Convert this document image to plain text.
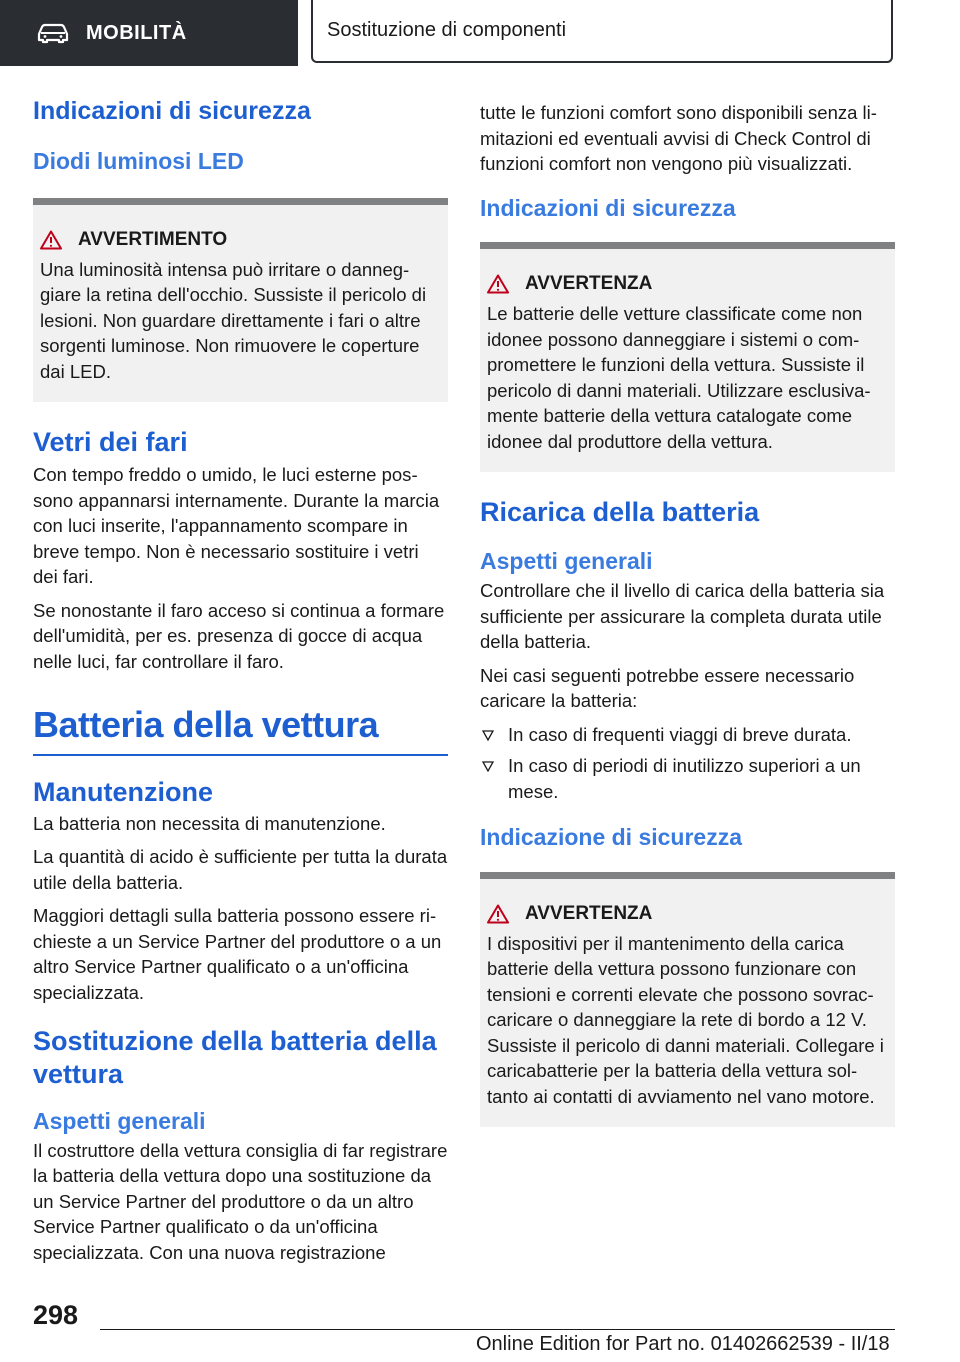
MOBILITÀ	Sostituzione di componenti
Indicazioni di sicurezza
Diodi luminosi LED
AVVERTIMENTO
Una luminosità intensa può irritare o danneggiare la retina dell'occhio. Sussiste il pericolo di lesioni. Non guardare direttamente i fari o altre sorgenti luminose. Non rimuovere le coperture dai LED.
Vetri dei fari

Con tempo freddo o umido, le luci esterne possono appannarsi internamente. Durante la marcia con luci inserite, l'appannamento scompare in breve tempo. Non è necessario sostituire i vetri dei fari.

Se nonostante il faro acceso si continua a formare dell'umidità, per es. presenza di gocce di acqua nelle luci, far controllare il faro.

Batteria della vettura
Manutenzione

La batteria non necessita di manutenzione.

La quantità di acido è sufficiente per tutta la durata utile della batteria.

Maggiori dettagli sulla batteria possono essere richieste a un Service Partner del produttore o a un altro Service Partner qualificato o a un'officina specializzata.

Sostituzione della batteria della vettura
Aspetti generali

Il costruttore della vettura consiglia di far registrare la batteria della vettura dopo una sostituzione da un Service Partner del produttore o da un altro Service Partner qualificato o da un'officina specializzata. Con una nuova registrazione

tutte le funzioni comfort sono disponibili senza limitazioni ed eventuali avvisi di Check Control di funzioni comfort non vengono più visualizzati.

Indicazioni di sicurezza
AVVERTENZA
Le batterie delle vetture classificate come non idonee possono danneggiare i sistemi o compromettere le funzioni della vettura. Sussiste il pericolo di danni materiali. Utilizzare esclusivamente batterie della vettura catalogate come idonee dal produttore della vettura.
Ricarica della batteria
Aspetti generali

Controllare che il livello di carica della batteria sia sufficiente per assicurare la completa durata utile della batteria.

Nei casi seguenti potrebbe essere necessario caricare la batteria:

In caso di frequenti viaggi di breve durata.
In caso di periodi di inutilizzo superiori a un mese.
Indicazione di sicurezza
AVVERTENZA
I dispositivi per il mantenimento della carica batterie della vettura possono funzionare con tensioni e correnti elevate che possono sovraccaricare o danneggiare la rete di bordo a 12 V. Sussiste il pericolo di danni materiali. Collegare i caricabatterie per la batteria della vettura soltanto ai contatti di avviamento nel vano motore.
298
Online Edition for Part no. 01402662539 - II/18
